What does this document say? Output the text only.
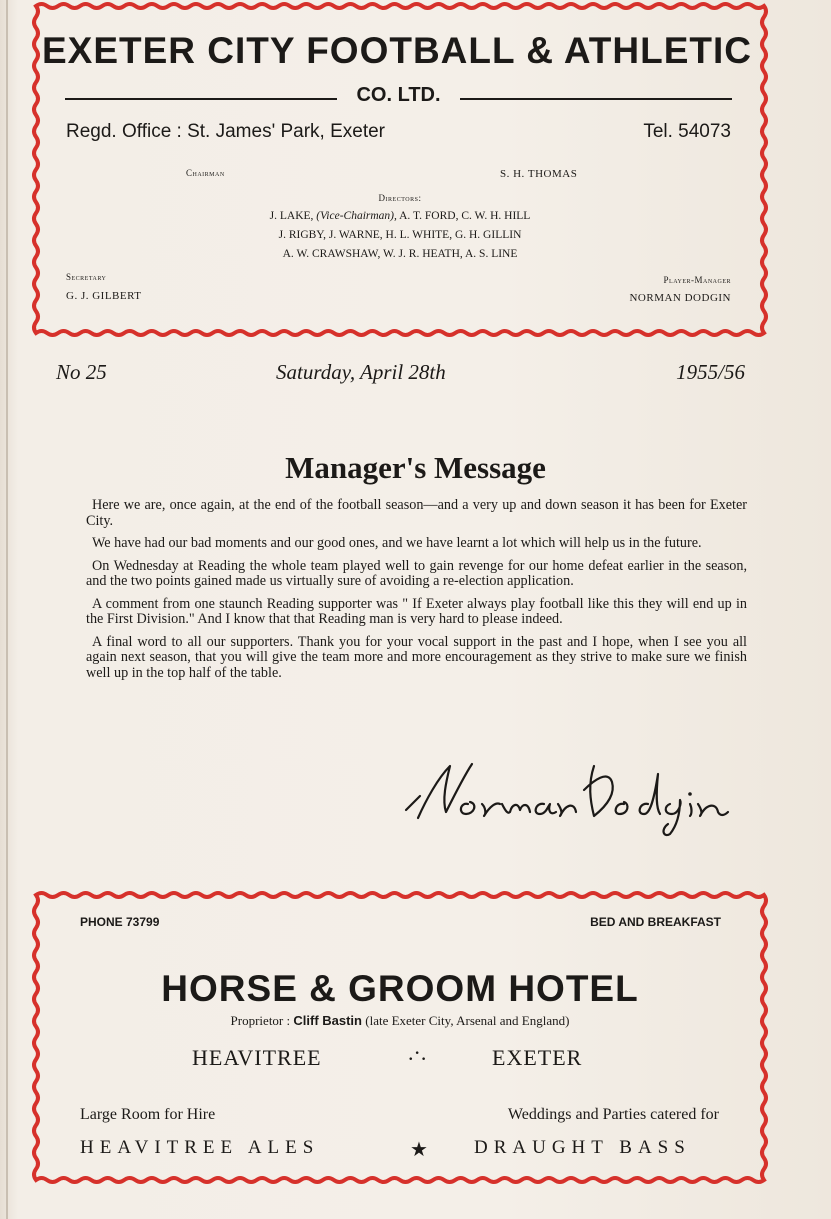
EXETER CITY FOOTBALL & ATHLETIC
CO. LTD.
Regd. Office : St. James' Park, Exeter	Tel. 54073
Chairman	S. H. THOMAS
Directors:
J. LAKE, (Vice-Chairman), A. T. FORD, C. W. H. HILL
J. RIGBY, J. WARNE, H. L. WHITE, G. H. GILLIN
A. W. CRAWSHAW, W. J. R. HEATH, A. S. LINE
Secretary
G. J. GILBERT
Player-Manager
NORMAN DODGIN
No 25	Saturday, April 28th	1955/56
Manager's Message

Here we are, once again, at the end of the football season—and a very up and down season it has been for Exeter City.

We have had our bad moments and our good ones, and we have learnt a lot which will help us in the future.

On Wednesday at Reading the whole team played well to gain revenge for our home defeat earlier in the season, and the two points gained made us virtually sure of avoiding a re-election application.

A comment from one staunch Reading supporter was " If Exeter always play football like this they will end up in the First Division." And I know that that Reading man is very hard to please indeed.

A final word to all our supporters. Thank you for your vocal support in the past and I hope, when I see you all again next season, that you will give the team more and more encouragement as they strive to make sure we finish well up in the top half of the table.

PHONE 73799	BED AND BREAKFAST
HORSE & GROOM HOTEL
Proprietor : Cliff Bastin (late Exeter City, Arsenal and England)
HEAVITREE	.·.	EXETER
Large Room for Hire	Weddings and Parties catered for
HEAVITREE ALES	★ DRAUGHT BASS
